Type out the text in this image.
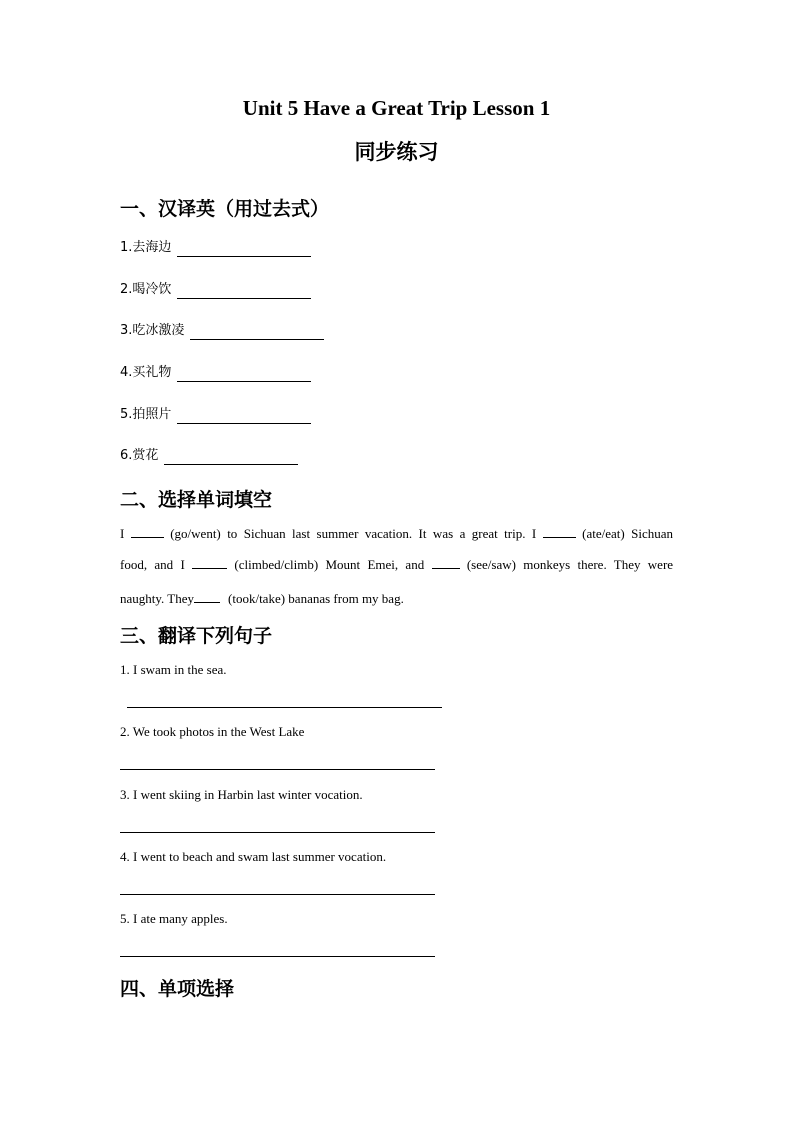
Unit 5 Have a Great Trip Lesson 1
同步练习
一、汉译英（用过去式）
1.去海边
2.喝冷饮
3.吃冰激凌
4.买礼物
5.拍照片
6.赏花
二、选择单词填空
I	(go/went) to Sichuan last summer vacation. It was a great trip. I	(ate/eat) Sichuan
food, and I	(climbed/climb) Mount Emei, and	(see/saw) monkeys there. They were
naughty. They	(took/take) bananas from my bag.
三、翻译下列句子
1. I swam in the sea.
2. We took photos in the West Lake
3. I went skiing in Harbin last winter vocation.
4. I went to beach and swam last summer vocation.
5. I ate many apples.
四、单项选择
